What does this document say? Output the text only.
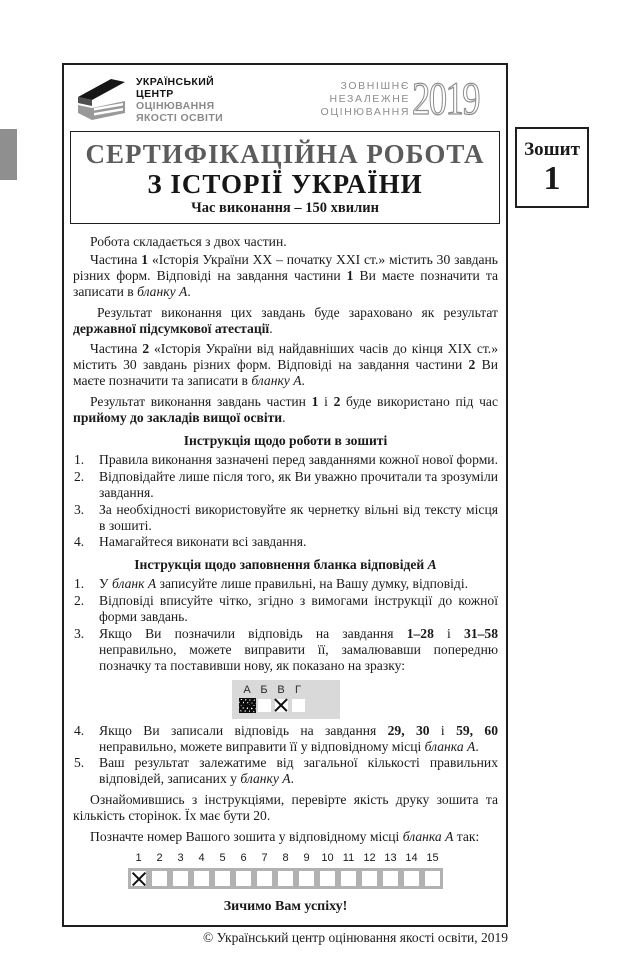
Зошит
1
УКРАЇНСЬКИЙ
ЦЕНТР
ОЦІНЮВАННЯ
ЯКОСТІ ОСВІТИ
ЗОВНІШНЄ
НЕЗАЛЕЖНЕ
ОЦІНЮВАННЯ 2019
СЕРТИФІКАЦІЙНА РОБОТА
З ІСТОРІЇ УКРАЇНИ
Час виконання – 150 хвилин

Робота складається з двох частин.

Частина 1 «Історія України ХХ – початку ХХІ ст.» містить 30 завдань різних форм. Відповіді на завдання частини 1 Ви маєте позначити та записати в бланку А.

Результат виконання цих завдань буде зараховано як результат державної підсумкової атестації.

Частина 2 «Історія України від найдавніших часів до кінця ХІХ ст.» містить 30 завдань різних форм. Відповіді на завдання частини 2 Ви маєте позначити та записати в бланку А.

Результат виконання завдань частин 1 і 2 буде використано під час прийому до закладів вищої освіти.

Інструкція щодо роботи в зошиті
1.	Правила виконання зазначені перед завданнями кожної нової форми.
2.	Відповідайте лише після того, як Ви уважно прочитали та зрозуміли завдання.
3.	За необхідності використовуйте як чернетку вільні від тексту місця в зошиті.
4.	Намагайтеся виконати всі завдання.
Інструкція щодо заповнення бланка відповідей А
1.	У бланк А записуйте лише правильні, на Вашу думку, відповіді.
2.	Відповіді вписуйте чітко, згідно з вимогами інструкції до кожної форми завдань.
3.	Якщо Ви позначили відповідь на завдання 1–28 і 31–58 неправильно, можете виправити її, замалювавши попередню позначку та поставивши нову, як показано на зразку:
А Б В Г
4.	Якщо Ви записали відповідь на завдання 29, 30 і 59, 60 неправильно, можете виправити її у відповідному місці бланка А.
5.	Ваш результат залежатиме від загальної кількості правильних відповідей, записаних у бланку А.

Ознайомившись з інструкціями, перевірте якість друку зошита та кількість сторінок. Їх має бути 20.

Позначте номер Вашого зошита у відповідному місці бланка А так:

1	2	3	4	5	6	7	8	9	10 11 12 13 14 15
Зичимо Вам успіху!
© Український центр оцінювання якості освіти, 2019
